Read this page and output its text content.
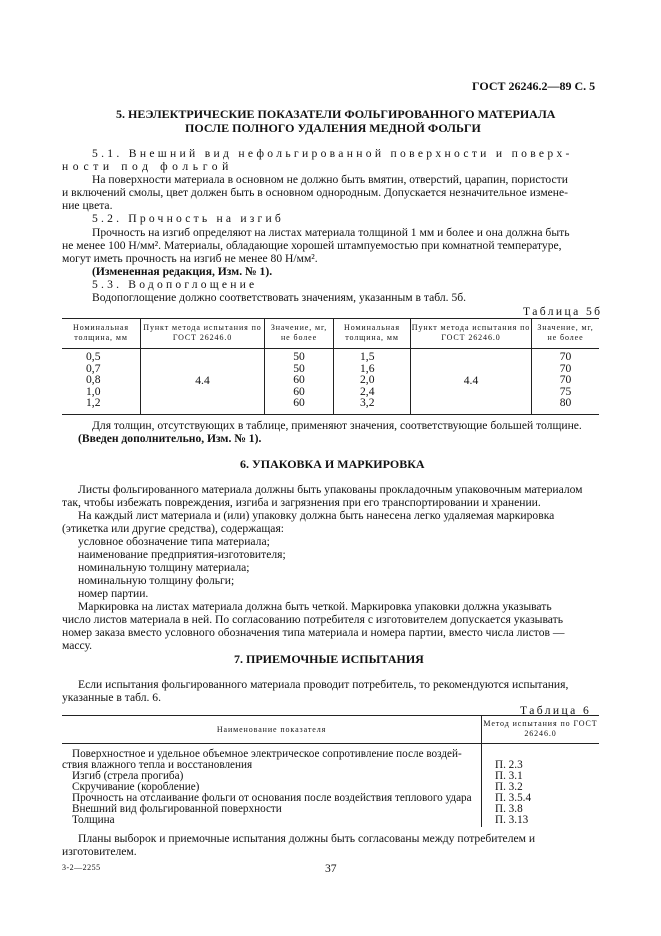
ГОСТ 26246.2—89 С. 5
5. НЕЭЛЕКТРИЧЕСКИЕ ПОКАЗАТЕЛИ ФОЛЬГИРОВАННОГО МАТЕРИАЛА
ПОСЛЕ ПОЛНОГО УДАЛЕНИЯ МЕДНОЙ ФОЛЬГИ
5.1. Внешний вид нефольгированной поверхности и поверх-
ности под фольгой
На поверхности материала в основном не должно быть вмятин, отверстий, царапин, пористости
и включений смолы, цвет должен быть в основном однородным. Допускается незначительное измене-
ние цвета.
5.2. Прочность на изгиб
Прочность на изгиб определяют на листах материала толщиной 1 мм и более и она должна быть
не менее 100 Н/мм². Материалы, обладающие хорошей штампуемостью при комнатной температуре,
могут иметь прочность на изгиб не менее 80 Н/мм².
(Измененная редакция, Изм. № 1).
5.3. Водопоглощение
Водопоглощение должно соответствовать значениям, указанным в табл. 5б.
Таблица 5б
Номинальная толщина, мм
Пункт метода испытания по ГОСТ 26246.0
Значение, мг, не более
Номинальная толщина, мм
Пункт метода испытания по ГОСТ 26246.0
Значение, мг, не более
0,5
0,7
0,8
1,0
1,2
4.4
50
50
60
60
60
1,5
1,6
2,0
2,4
3,2
4.4
70
70
70
75
80
Для толщин, отсутствующих в таблице, применяют значения, соответствующие большей толщине.
(Введен дополнительно, Изм. № 1).
6. УПАКОВКА И МАРКИРОВКА
Листы фольгированного материала должны быть упакованы прокладочным упаковочным материалом
так, чтобы избежать повреждения, изгиба и загрязнения при его транспортировании и хранении.
На каждый лист материала и (или) упаковку должна быть нанесена легко удаляемая маркировка
(этикетка или другие средства), содержащая:
условное обозначение типа материала;
наименование предприятия-изготовителя;
номинальную толщину материала;
номинальную толщину фольги;
номер партии.
Маркировка на листах материала должна быть четкой. Маркировка упаковки должна указывать
число листов материала в ней. По согласованию потребителя с изготовителем допускается указывать
номер заказа вместо условного обозначения типа материала и номера партии, вместо числа листов —
массу.
7. ПРИЕМОЧНЫЕ ИСПЫТАНИЯ
Если испытания фольгированного материала проводит потребитель, то рекомендуются испытания,
указанные в табл. 6.
Таблица 6
Наименование показателя
Метод испытания по ГОСТ 26246.0
Поверхностное и удельное объемное электрическое сопротивление после воздей-
ствия влажного тепла и восстановления
Изгиб (стрела прогиба)
Скручивание (коробление)
Прочность на отслаивание фольги от основания после воздействия теплового удара
Внешний вид фольгированной поверхности
Толщина
П. 2.3
П. 3.1
П. 3.2
П. 3.5.4
П. 3.8
П. 3.13
Планы выборок и приемочные испытания должны быть согласованы между потребителем и
изготовителем.
3-2—2255	37
